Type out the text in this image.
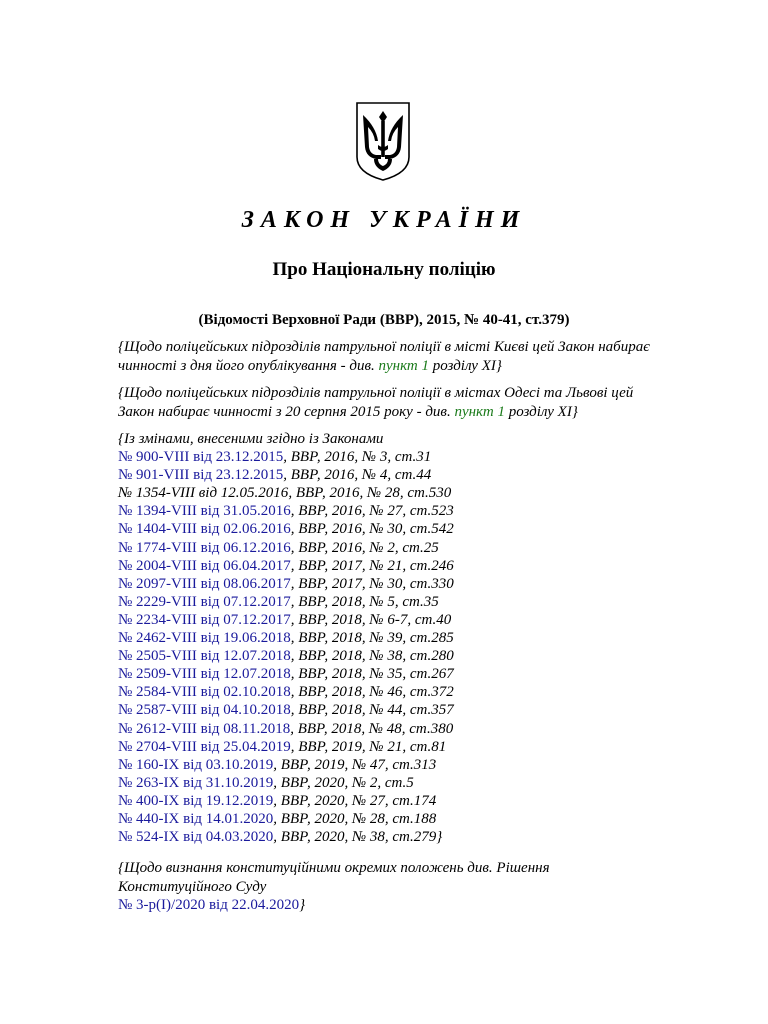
ЗАКОН УКРАЇНИ
Про Національну поліцію
(Відомості Верховної Ради (ВВР), 2015, № 40-41, ст.379)

{Щодо поліцейських підрозділів патрульної поліції в місті Києві цей Закон набирає чинності з дня його опублікування - див. пункт 1 розділу XI}

{Щодо поліцейських підрозділів патрульної поліції в містах Одесі та Львові цей Закон набирає чинності з 20 серпня 2015 року - див. пункт 1 розділу XI}

{Із змінами, внесеними згідно із Законами
№ 900-VIII від 23.12.2015, ВВР, 2016, № 3, ст.31
№ 901-VIII від 23.12.2015, ВВР, 2016, № 4, ст.44
№ 1354-VIII від 12.05.2016, ВВР, 2016, № 28, ст.530
№ 1394-VIII від 31.05.2016, ВВР, 2016, № 27, ст.523
№ 1404-VIII від 02.06.2016, ВВР, 2016, № 30, ст.542
№ 1774-VIII від 06.12.2016, ВВР, 2016, № 2, ст.25
№ 2004-VIII від 06.04.2017, ВВР, 2017, № 21, ст.246
№ 2097-VIII від 08.06.2017, ВВР, 2017, № 30, ст.330
№ 2229-VIII від 07.12.2017, ВВР, 2018, № 5, ст.35
№ 2234-VIII від 07.12.2017, ВВР, 2018, № 6-7, ст.40
№ 2462-VIII від 19.06.2018, ВВР, 2018, № 39, ст.285
№ 2505-VIII від 12.07.2018, ВВР, 2018, № 38, ст.280
№ 2509-VIII від 12.07.2018, ВВР, 2018, № 35, ст.267
№ 2584-VIII від 02.10.2018, ВВР, 2018, № 46, ст.372
№ 2587-VIII від 04.10.2018, ВВР, 2018, № 44, ст.357
№ 2612-VIII від 08.11.2018, ВВР, 2018, № 48, ст.380
№ 2704-VIII від 25.04.2019, ВВР, 2019, № 21, ст.81
№ 160-IX від 03.10.2019, ВВР, 2019, № 47, ст.313
№ 263-IX від 31.10.2019, ВВР, 2020, № 2, ст.5
№ 400-IX від 19.12.2019, ВВР, 2020, № 27, ст.174
№ 440-IX від 14.01.2020, ВВР, 2020, № 28, ст.188
№ 524-IX від 04.03.2020, ВВР, 2020, № 38, ст.279}
{Щодо визнання конституційними окремих положень див. Рішення
Конституційного Суду
№ 3-р(I)/2020 від 22.04.2020}
